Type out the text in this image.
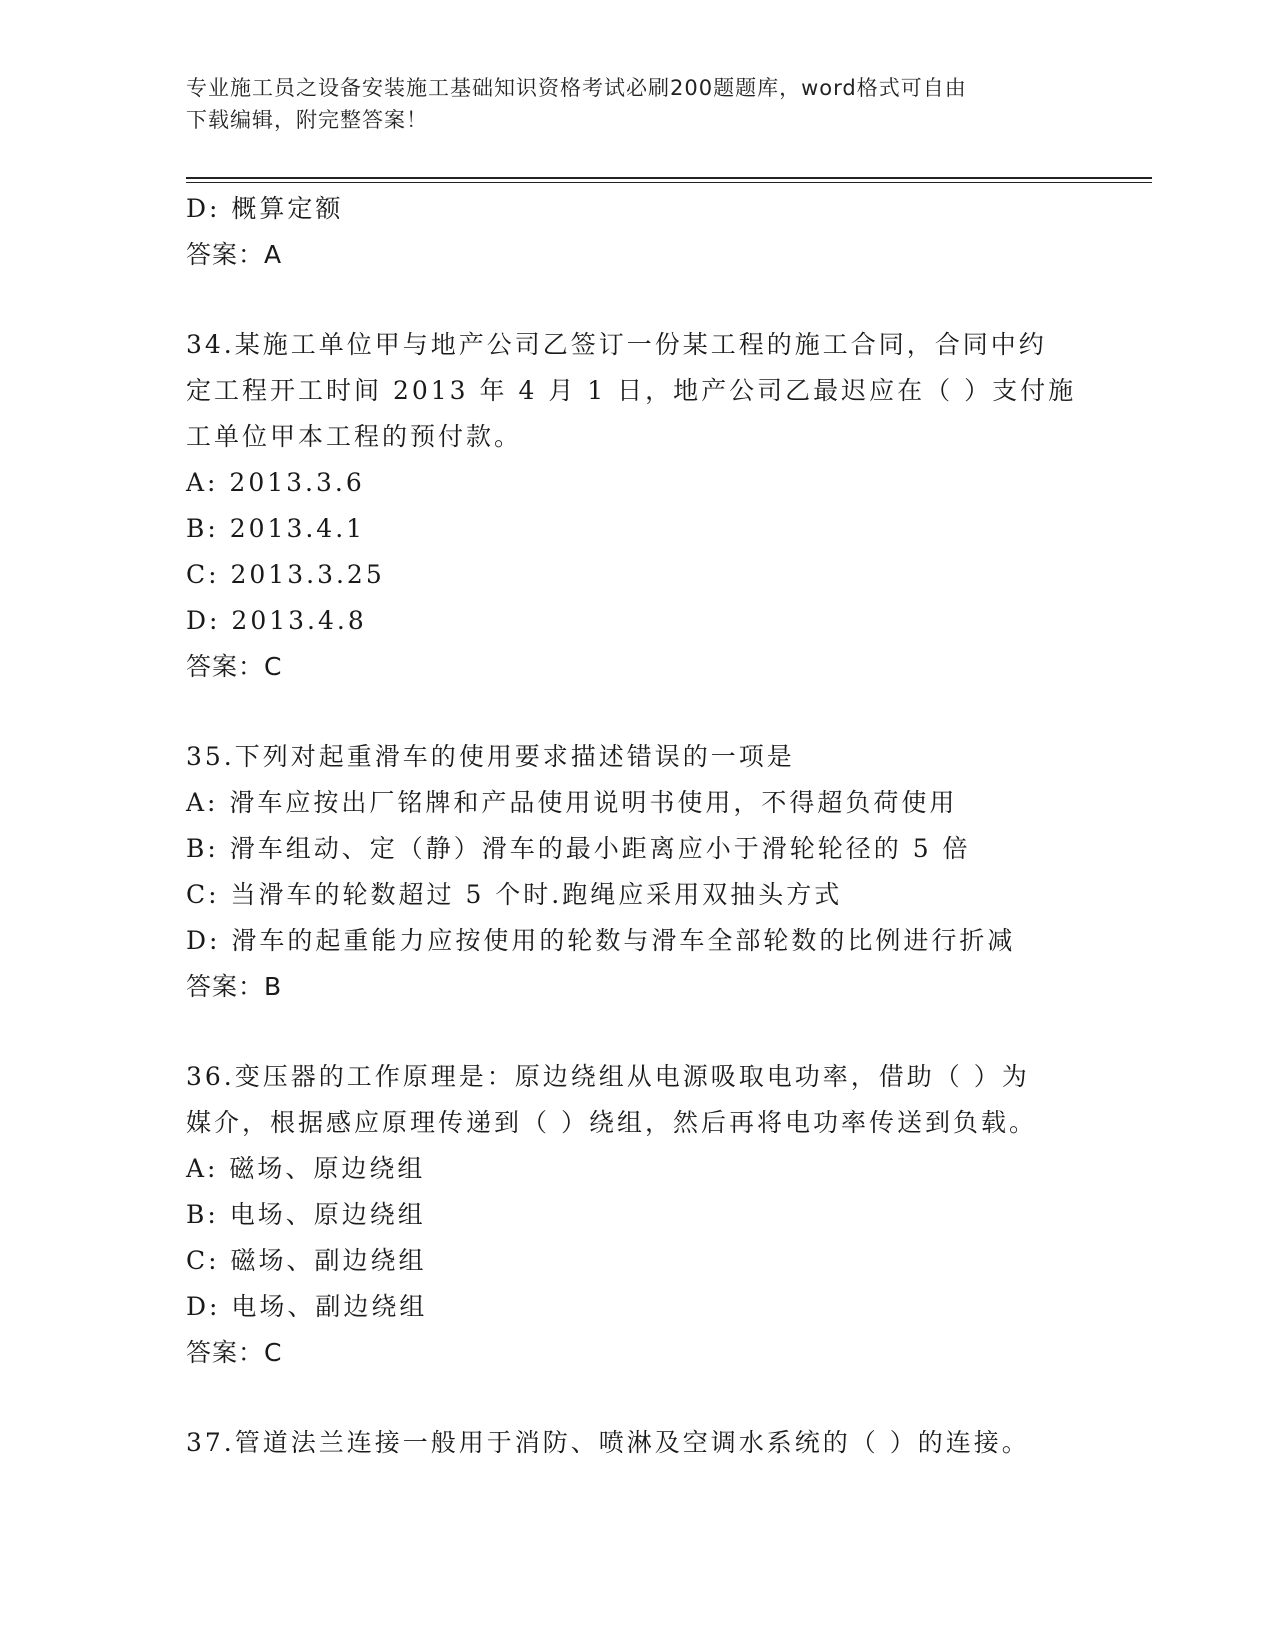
专业施工员之设备安装施工基础知识资格考试必刷200题题库，word格式可自由
下载编辑，附完整答案！
D: 概算定额
答案：A
34.某施工单位甲与地产公司乙签订一份某工程的施工合同，合同中约
定工程开工时间 2013 年 4 月 1 日，地产公司乙最迟应在（ ）支付施
工单位甲本工程的预付款。
A: 2013.3.6
B: 2013.4.1
C: 2013.3.25
D: 2013.4.8
答案：C
35.下列对起重滑车的使用要求描述错误的一项是
A: 滑车应按出厂铭牌和产品使用说明书使用，不得超负荷使用
B: 滑车组动、定（静）滑车的最小距离应小于滑轮轮径的 5 倍
C: 当滑车的轮数超过 5 个时.跑绳应采用双抽头方式
D: 滑车的起重能力应按使用的轮数与滑车全部轮数的比例进行折减
答案：B
36.变压器的工作原理是：原边绕组从电源吸取电功率，借助（ ）为
媒介，根据感应原理传递到（ ）绕组，然后再将电功率传送到负载。
A: 磁场、原边绕组
B: 电场、原边绕组
C: 磁场、副边绕组
D: 电场、副边绕组
答案：C
37.管道法兰连接一般用于消防、喷淋及空调水系统的（ ）的连接。
